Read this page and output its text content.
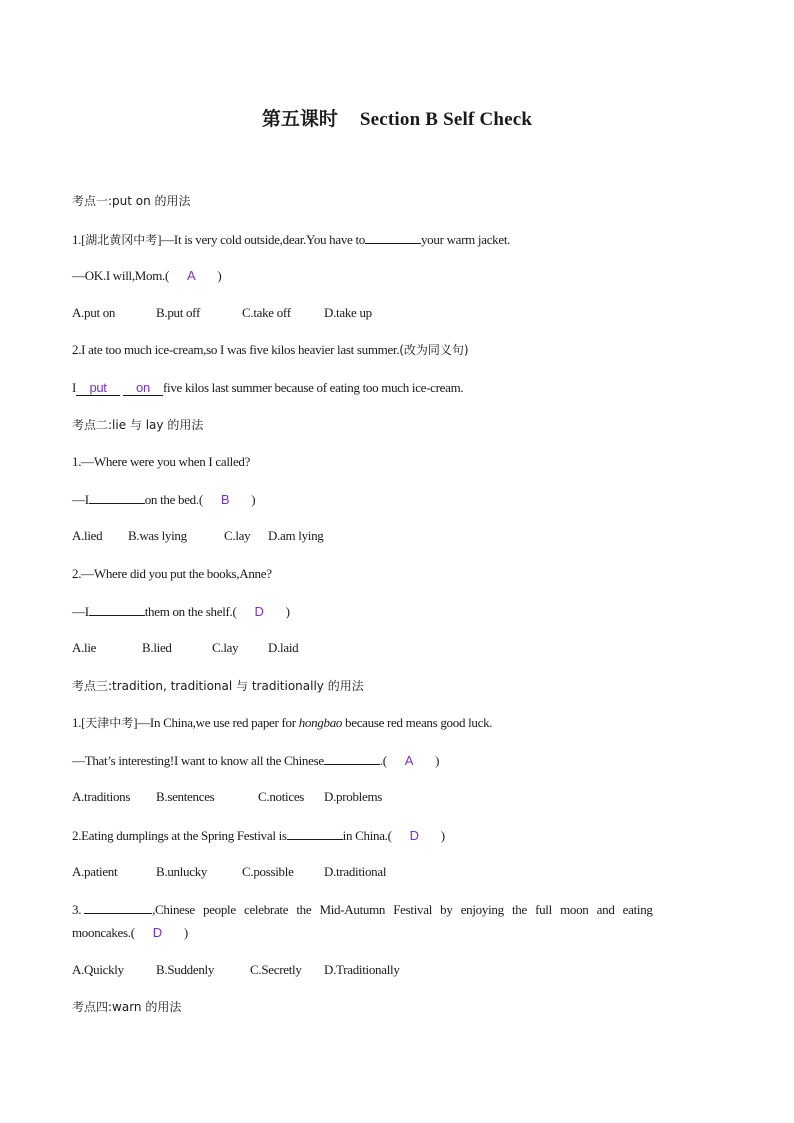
第五课时 Section B Self Check
考点一:put on 的用法
1.[湖北黄冈中考]—It is very cold outside,dear.You have to	your warm jacket.
—OK.I will,Mom.( A )
A.put on	B.put off	C.take off	D.take up
2.I ate too much ice‑cream,so I was five kilos heavier last summer.(改为同义句)
I put on five kilos last summer because of eating too much ice‑cream.
考点二:lie 与 lay 的用法
1.—Where were you when I called?
—I	on the bed.( B )
A.lied B.was lying	C.lay D.am lying
2.—Where did you put the books,Anne?
—I	them on the shelf.( D )
A.lie	B.lied	C.lay D.laid
考点三:tradition, traditional 与 traditionally 的用法
1.[天津中考]—In China,we use red paper for hongbao because red means good luck.
—That’s interesting!I want to know all the Chinese	.( A )
A.traditions B.sentences	C.notices D.problems
2.Eating dumplings at the Spring Festival is	in China.( D )
A.patient	B.unlucky	C.possible D.traditional
3.	,Chinese people celebrate the Mid‑Autumn Festival by enjoying the full moon and eating
mooncakes.( D )
A.Quickly B.Suddenly	C.Secretly D.Traditionally
考点四:warn 的用法
